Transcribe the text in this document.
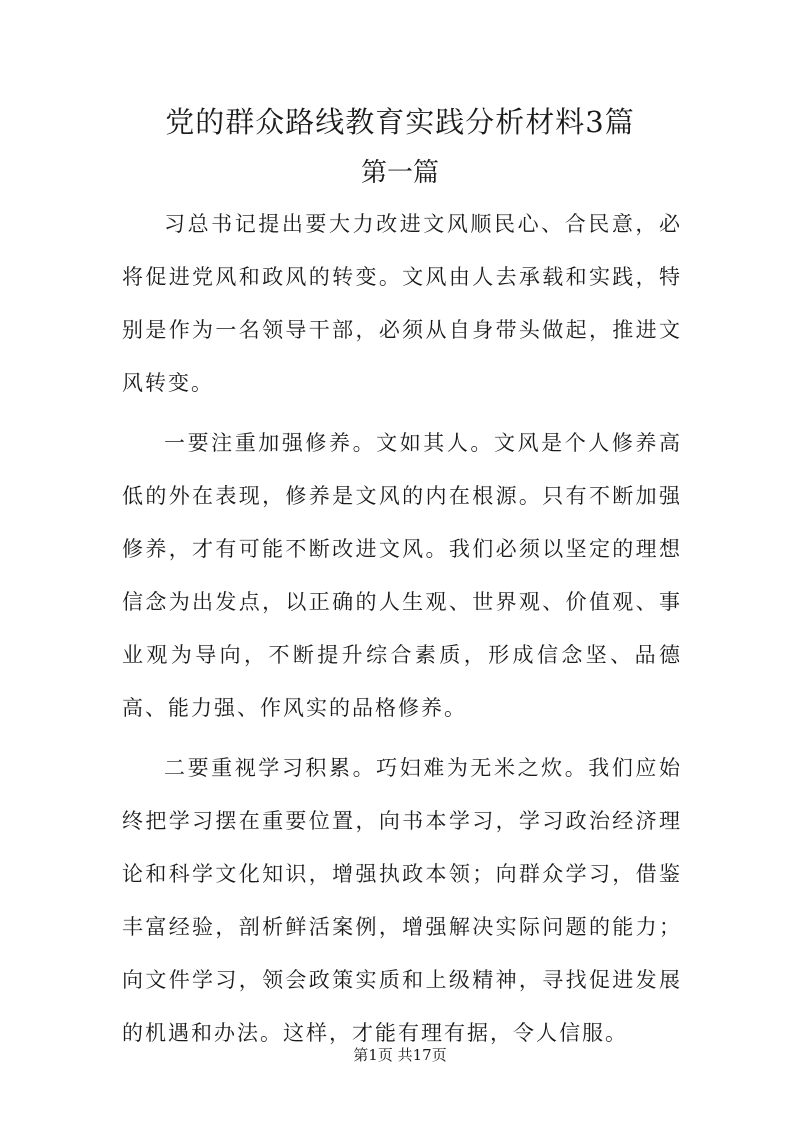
党的群众路线教育实践分析材料3篇
第一篇

习总书记提出要大力改进文风顺民心、合民意，必将促进党风和政风的转变。文风由人去承载和实践，特别是作为一名领导干部，必须从自身带头做起，推进文风转变。

一要注重加强修养。文如其人。文风是个人修养高低的外在表现，修养是文风的内在根源。只有不断加强修养，才有可能不断改进文风。我们必须以坚定的理想信念为出发点，以正确的人生观、世界观、价值观、事业观为导向，不断提升综合素质，形成信念坚、品德高、能力强、作风实的品格修养。

二要重视学习积累。巧妇难为无米之炊。我们应始终把学习摆在重要位置，向书本学习，学习政治经济理论和科学文化知识，增强执政本领；向群众学习，借鉴丰富经验，剖析鲜活案例，增强解决实际问题的能力；向文件学习，领会政策实质和上级精神，寻找促进发展的机遇和办法。这样，才能有理有据，令人信服。

第1页 共17页
